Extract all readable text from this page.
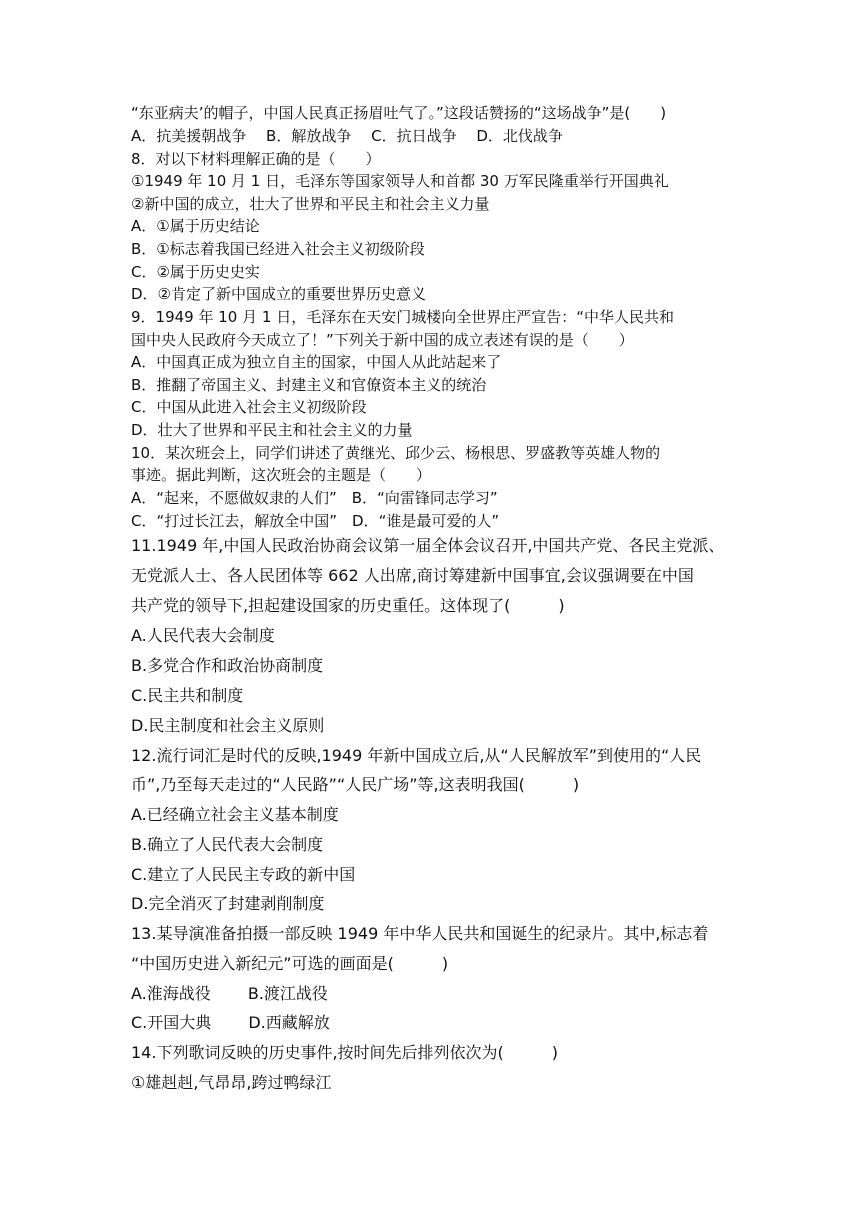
“东亚病夫’的帽子，中国人民真正扬眉吐气了。”这段话赞扬的“这场战争”是(　　)
A．抗美援朝战争　 B．解放战争　 C．抗日战争　 D．北伐战争
8．对以下材料理解正确的是（　　）
①1949 年 10 月 1 日，毛泽东等国家领导人和首都 30 万军民隆重举行开国典礼
②新中国的成立，壮大了世界和平民主和社会主义力量
A．①属于历史结论
B．①标志着我国已经进入社会主义初级阶段
C．②属于历史史实
D．②肯定了新中国成立的重要世界历史意义
9．1949 年 10 月 1 日，毛泽东在天安门城楼向全世界庄严宣告：“中华人民共和
国中央人民政府今天成立了！”下列关于新中国的成立表述有误的是（　　）
A．中国真正成为独立自主的国家，中国人从此站起来了
B．推翻了帝国主义、封建主义和官僚资本主义的统治
C．中国从此进入社会主义初级阶段
D．壮大了世界和平民主和社会主义的力量
10．某次班会上，同学们讲述了黄继光、邱少云、杨根思、罗盛教等英雄人物的
事迹。据此判断，这次班会的主题是（　　）
A．“起来，不愿做奴隶的人们”　B．“向雷锋同志学习”
C．“打过长江去，解放全中国”　D．“谁是最可爱的人”
11.1949 年,中国人民政治协商会议第一届全体会议召开,中国共产党、各民主党派、
无党派人士、各人民团体等 662 人出席,商讨筹建新中国事宜,会议强调要在中国
共产党的领导下,担起建设国家的历史重任。这体现了(　　　)
A.人民代表大会制度
B.多党合作和政治协商制度
C.民主共和制度
D.民主制度和社会主义原则
12.流行词汇是时代的反映,1949 年新中国成立后,从“人民解放军”到使用的“人民
币”,乃至每天走过的“人民路”“人民广场”等,这表明我国(　　　)
A.已经确立社会主义基本制度
B.确立了人民代表大会制度
C.建立了人民民主专政的新中国
D.完全消灭了封建剥削制度
13.某导演准备拍摄一部反映 1949 年中华人民共和国诞生的纪录片。其中,标志着
“中国历史进入新纪元”可选的画面是(　　　)
A.淮海战役　　 B.渡江战役
C.开国大典　　 D.西藏解放
14.下列歌词反映的历史事件,按时间先后排列依次为(　　　)
①雄赳赳,气昂昂,跨过鸭绿江
